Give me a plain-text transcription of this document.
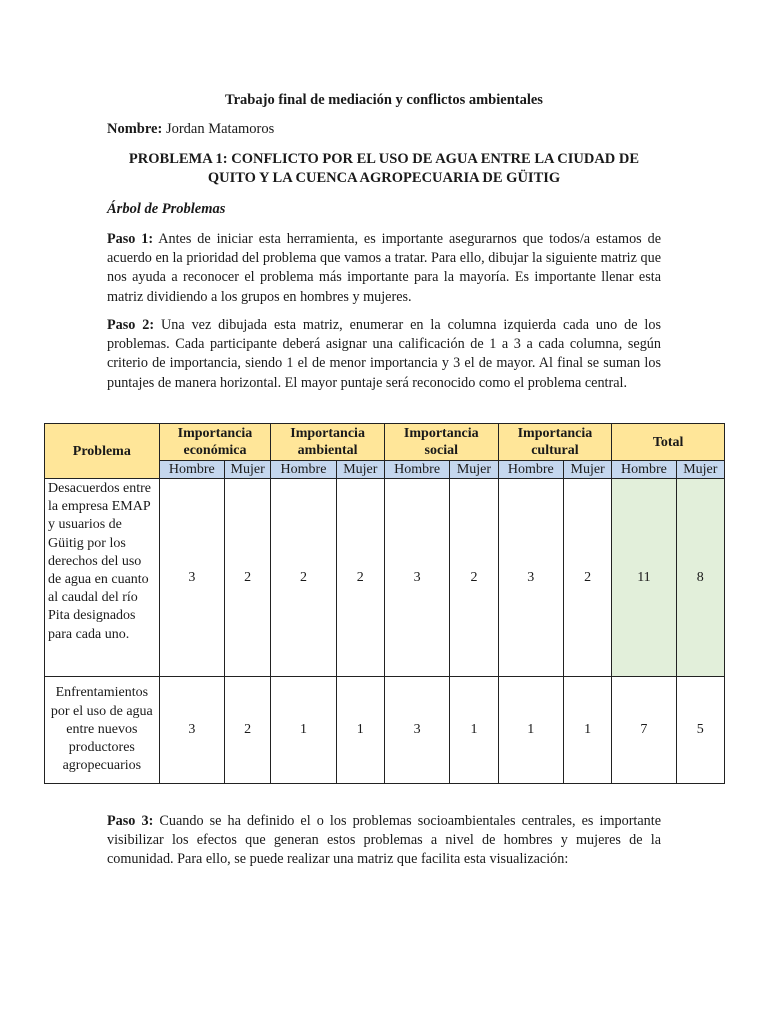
Trabajo final de mediación y conflictos ambientales
Nombre: Jordan Matamoros
PROBLEMA 1: CONFLICTO POR EL USO DE AGUA ENTRE LA CIUDAD DE
QUITO Y LA CUENCA AGROPECUARIA DE GÜITIG
Árbol de Problemas
Paso 1: Antes de iniciar esta herramienta, es importante asegurarnos que todos/a estamos de acuerdo en la prioridad del problema que vamos a tratar. Para ello, dibujar la siguiente matriz que nos ayuda a reconocer el problema más importante para la mayoría. Es importante llenar esta matriz dividiendo a los grupos en hombres y mujeres.
Paso 2: Una vez dibujada esta matriz, enumerar en la columna izquierda cada uno de los problemas. Cada participante deberá asignar una calificación de 1 a 3 a cada columna, según criterio de importancia, siendo 1 el de menor importancia y 3 el de mayor. Al final se suman los puntajes de manera horizontal. El mayor puntaje será reconocido como el problema central.
Problema	Importancia económica		Importancia ambiental		Importancia social		Importancia cultural		Total	
	Hombre	Mujer	Hombre	Mujer	Hombre	Mujer	Hombre	Mujer	Hombre	Mujer
Desacuerdos entre la empresa EMAP y usuarios de Güitig por los derechos del uso de agua en cuanto al caudal del río Pita designados para cada uno.	3	2	2	2	3	2	3	2	11	8
Enfrentamientos por el uso de agua entre nuevos productores agropecuarios	3	2	1	1	3	1	1	1	7	5
Paso 3: Cuando se ha definido el o los problemas socioambientales centrales, es importante visibilizar los efectos que generan estos problemas a nivel de hombres y mujeres de la comunidad. Para ello, se puede realizar una matriz que facilita esta visualización:
